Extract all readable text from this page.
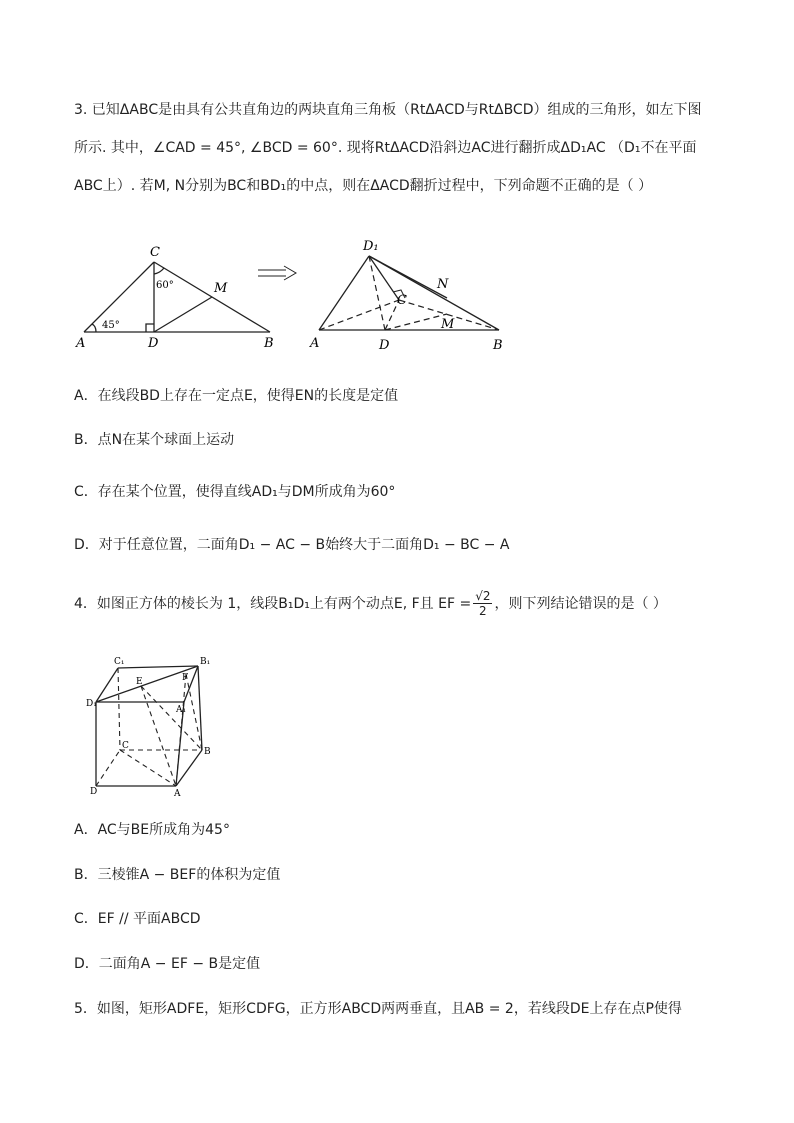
3. 已知ΔABC是由具有公共直角边的两块直角三角板（RtΔACD与RtΔBCD）组成的三角形，如左下图

所示. 其中，∠CAD = 45°, ∠BCD = 60°. 现将RtΔACD沿斜边AC进行翻折成ΔD₁AC （D₁不在平面

ABC上）. 若M, N分别为BC和BD₁的中点，则在ΔACD翻折过程中，下列命题不正确的是（ ）

C
A	D	B
M
60°
45°
D₁
N
C
M
A	D	B

A．在线段BD上存在一定点E，使得EN的长度是定值

B．点N在某个球面上运动

C．存在某个位置，使得直线AD₁与DM所成角为60°

D．对于任意位置，二面角D₁ − AC − B始终大于二面角D₁ − BC − A

4．如图正方体的棱长为 1，线段B₁D₁上有两个动点E, F且 EF = $\frac{√2}{2}$ ，则下列结论错误的是（ ）
C₁	B₁
D₁
A₁
E	F
C
B
D	A

A．AC与BE所成角为45°

B．三棱锥A − BEF的体积为定值

C．EF // 平面ABCD

D．二面角A − EF − B是定值

5．如图，矩形ADFE，矩形CDFG，正方形ABCD两两垂直，且AB = 2，若线段DE上存在点P使得
